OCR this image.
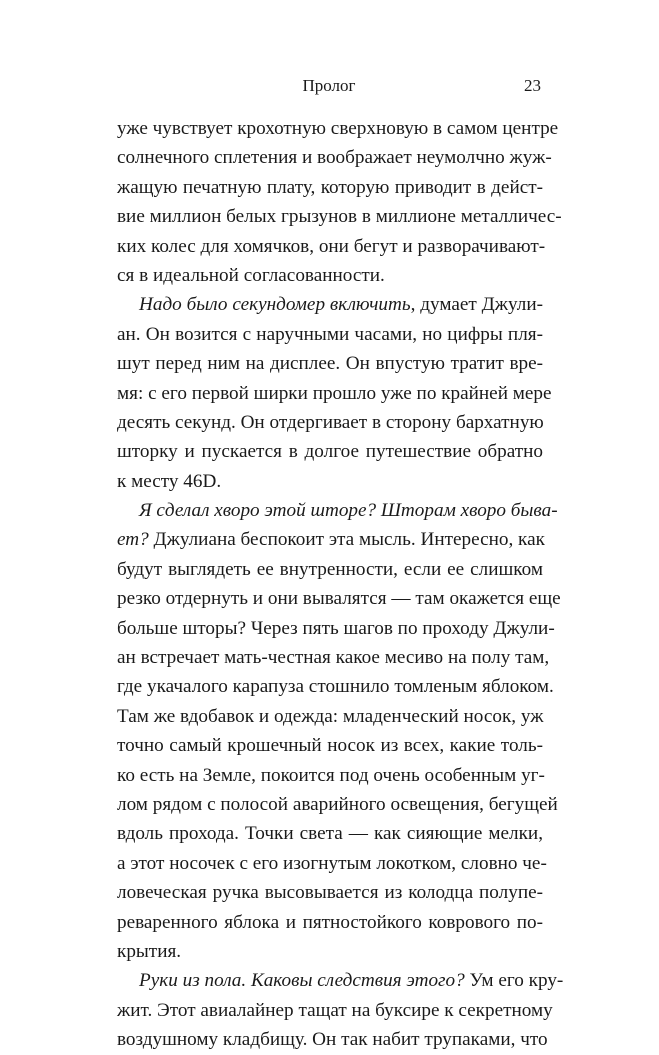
Пролог	23
уже чувствует крохотную сверхновую в самом центре
солнечного сплетения и воображает неумолчно жуж-
жащую печатную плату, которую приводит в дейст-
вие миллион белых грызунов в миллионе металличес-
ких колес для хомячков, они бегут и разворачивают-
ся в идеальной согласованности.
Надо было секундомер включить, думает Джули-
ан. Он возится с наручными часами, но цифры пля-
шут перед ним на дисплее. Он впустую тратит вре-
мя: с его первой ширки прошло уже по крайней мере
десять секунд. Он отдергивает в сторону бархатную
шторку и пускается в долгое путешествие обратно
к месту 46D.
Я сделал хворо этой шторе? Шторам хворо быва-
ет? Джулиана беспокоит эта мысль. Интересно, как
будут выглядеть ее внутренности, если ее слишком
резко отдернуть и они вывалятся — там окажется еще
больше шторы? Через пять шагов по проходу Джули-
ан встречает мать-честная какое месиво на полу там,
где укачалого карапуза стошнило томленым яблоком.
Там же вдобавок и одежда: младенческий носок, уж
точно самый крошечный носок из всех, какие толь-
ко есть на Земле, покоится под очень особенным уг-
лом рядом с полосой аварийного освещения, бегущей
вдоль прохода. Точки света — как сияющие мелки,
а этот носочек с его изогнутым локотком, словно че-
ловеческая ручка высовывается из колодца полупе-
реваренного яблока и пятностойкого коврового по-
крытия.
Руки из пола. Каковы следствия этого? Ум его кру-
жит. Этот авиалайнер тащат на буксире к секретному
воздушному кладбищу. Он так набит трупаками, что
